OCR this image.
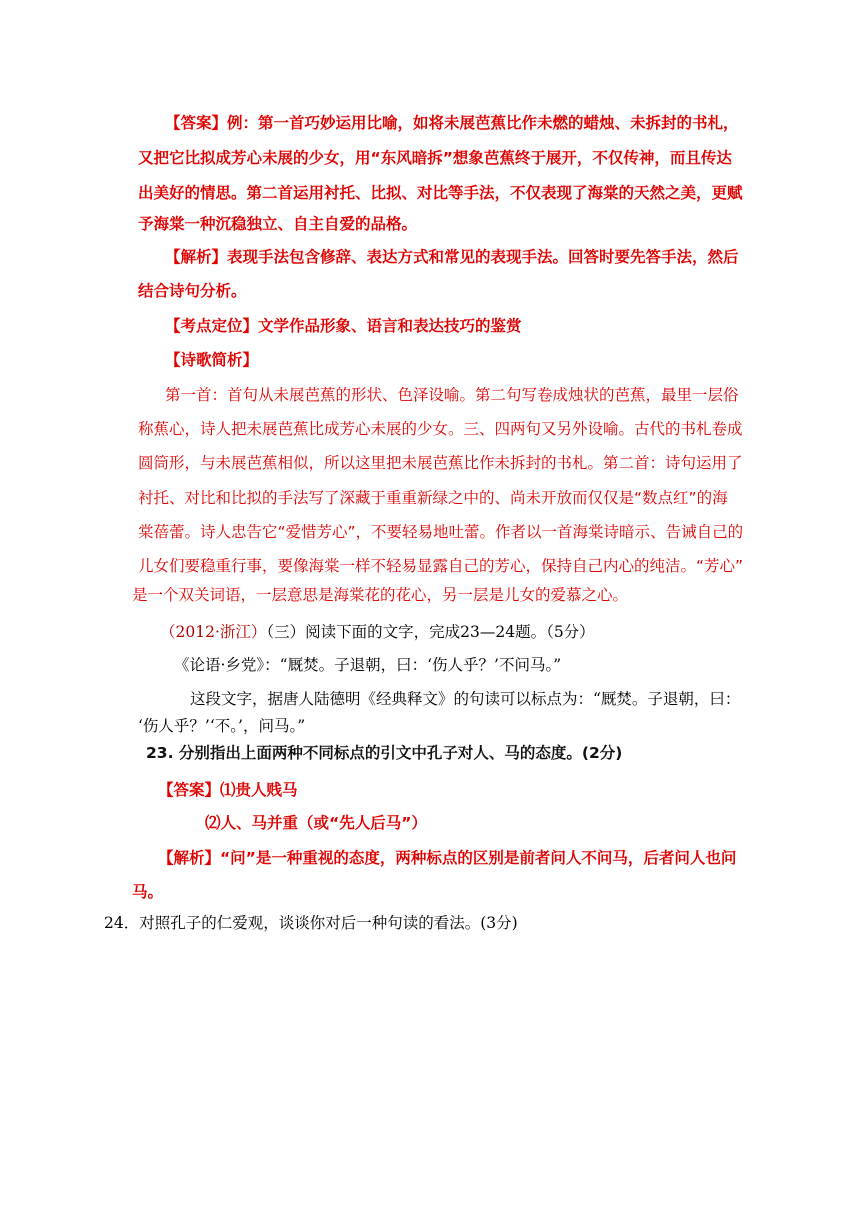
【答案】例：第一首巧妙运用比喻，如将未展芭蕉比作未燃的蜡烛、未拆封的书札，
又把它比拟成芳心未展的少女，用“东风暗拆”想象芭蕉终于展开，不仅传神，而且传达
出美好的情思。第二首运用衬托、比拟、对比等手法，不仅表现了海棠的天然之美，更赋
予海棠一种沉稳独立、自主自爱的品格。
【解析】表现手法包含修辞、表达方式和常见的表现手法。回答时要先答手法，然后
结合诗句分析。
【考点定位】文学作品形象、语言和表达技巧的鉴赏
【诗歌简析】
第一首：首句从未展芭蕉的形状、色泽设喻。第二句写卷成烛状的芭蕉，最里一层俗
称蕉心，诗人把未展芭蕉比成芳心未展的少女。三、四两句又另外设喻。古代的书札卷成
圆筒形，与未展芭蕉相似，所以这里把未展芭蕉比作未拆封的书札。第二首：诗句运用了
衬托、对比和比拟的手法写了深藏于重重新绿之中的、尚未开放而仅仅是“数点红”的海
棠蓓蕾。诗人忠告它“爱惜芳心”，不要轻易地吐蕾。作者以一首海棠诗暗示、告诫自己的
儿女们要稳重行事，要像海棠一样不轻易显露自己的芳心，保持自己内心的纯洁。“芳心”
是一个双关词语，一层意思是海棠花的花心，另一层是儿女的爱慕之心。
（2012·浙江）（三）阅读下面的文字，完成23—24题。（5分）
《论语·乡党》：“厩焚。子退朝，曰：‘伤人乎？’不问马。”
这段文字，据唐人陆德明《经典释文》的句读可以标点为：“厩焚。子退朝，曰：
‘伤人乎？’‘不。’，问马。”
23. 分别指出上面两种不同标点的引文中孔子对人、马的态度。(2分)
【答案】⑴贵人贱马
⑵人、马并重（或“先人后马”）
【解析】“问”是一种重视的态度，两种标点的区别是前者问人不问马，后者问人也问
马。
24．对照孔子的仁爱观，谈谈你对后一种句读的看法。(3分)
